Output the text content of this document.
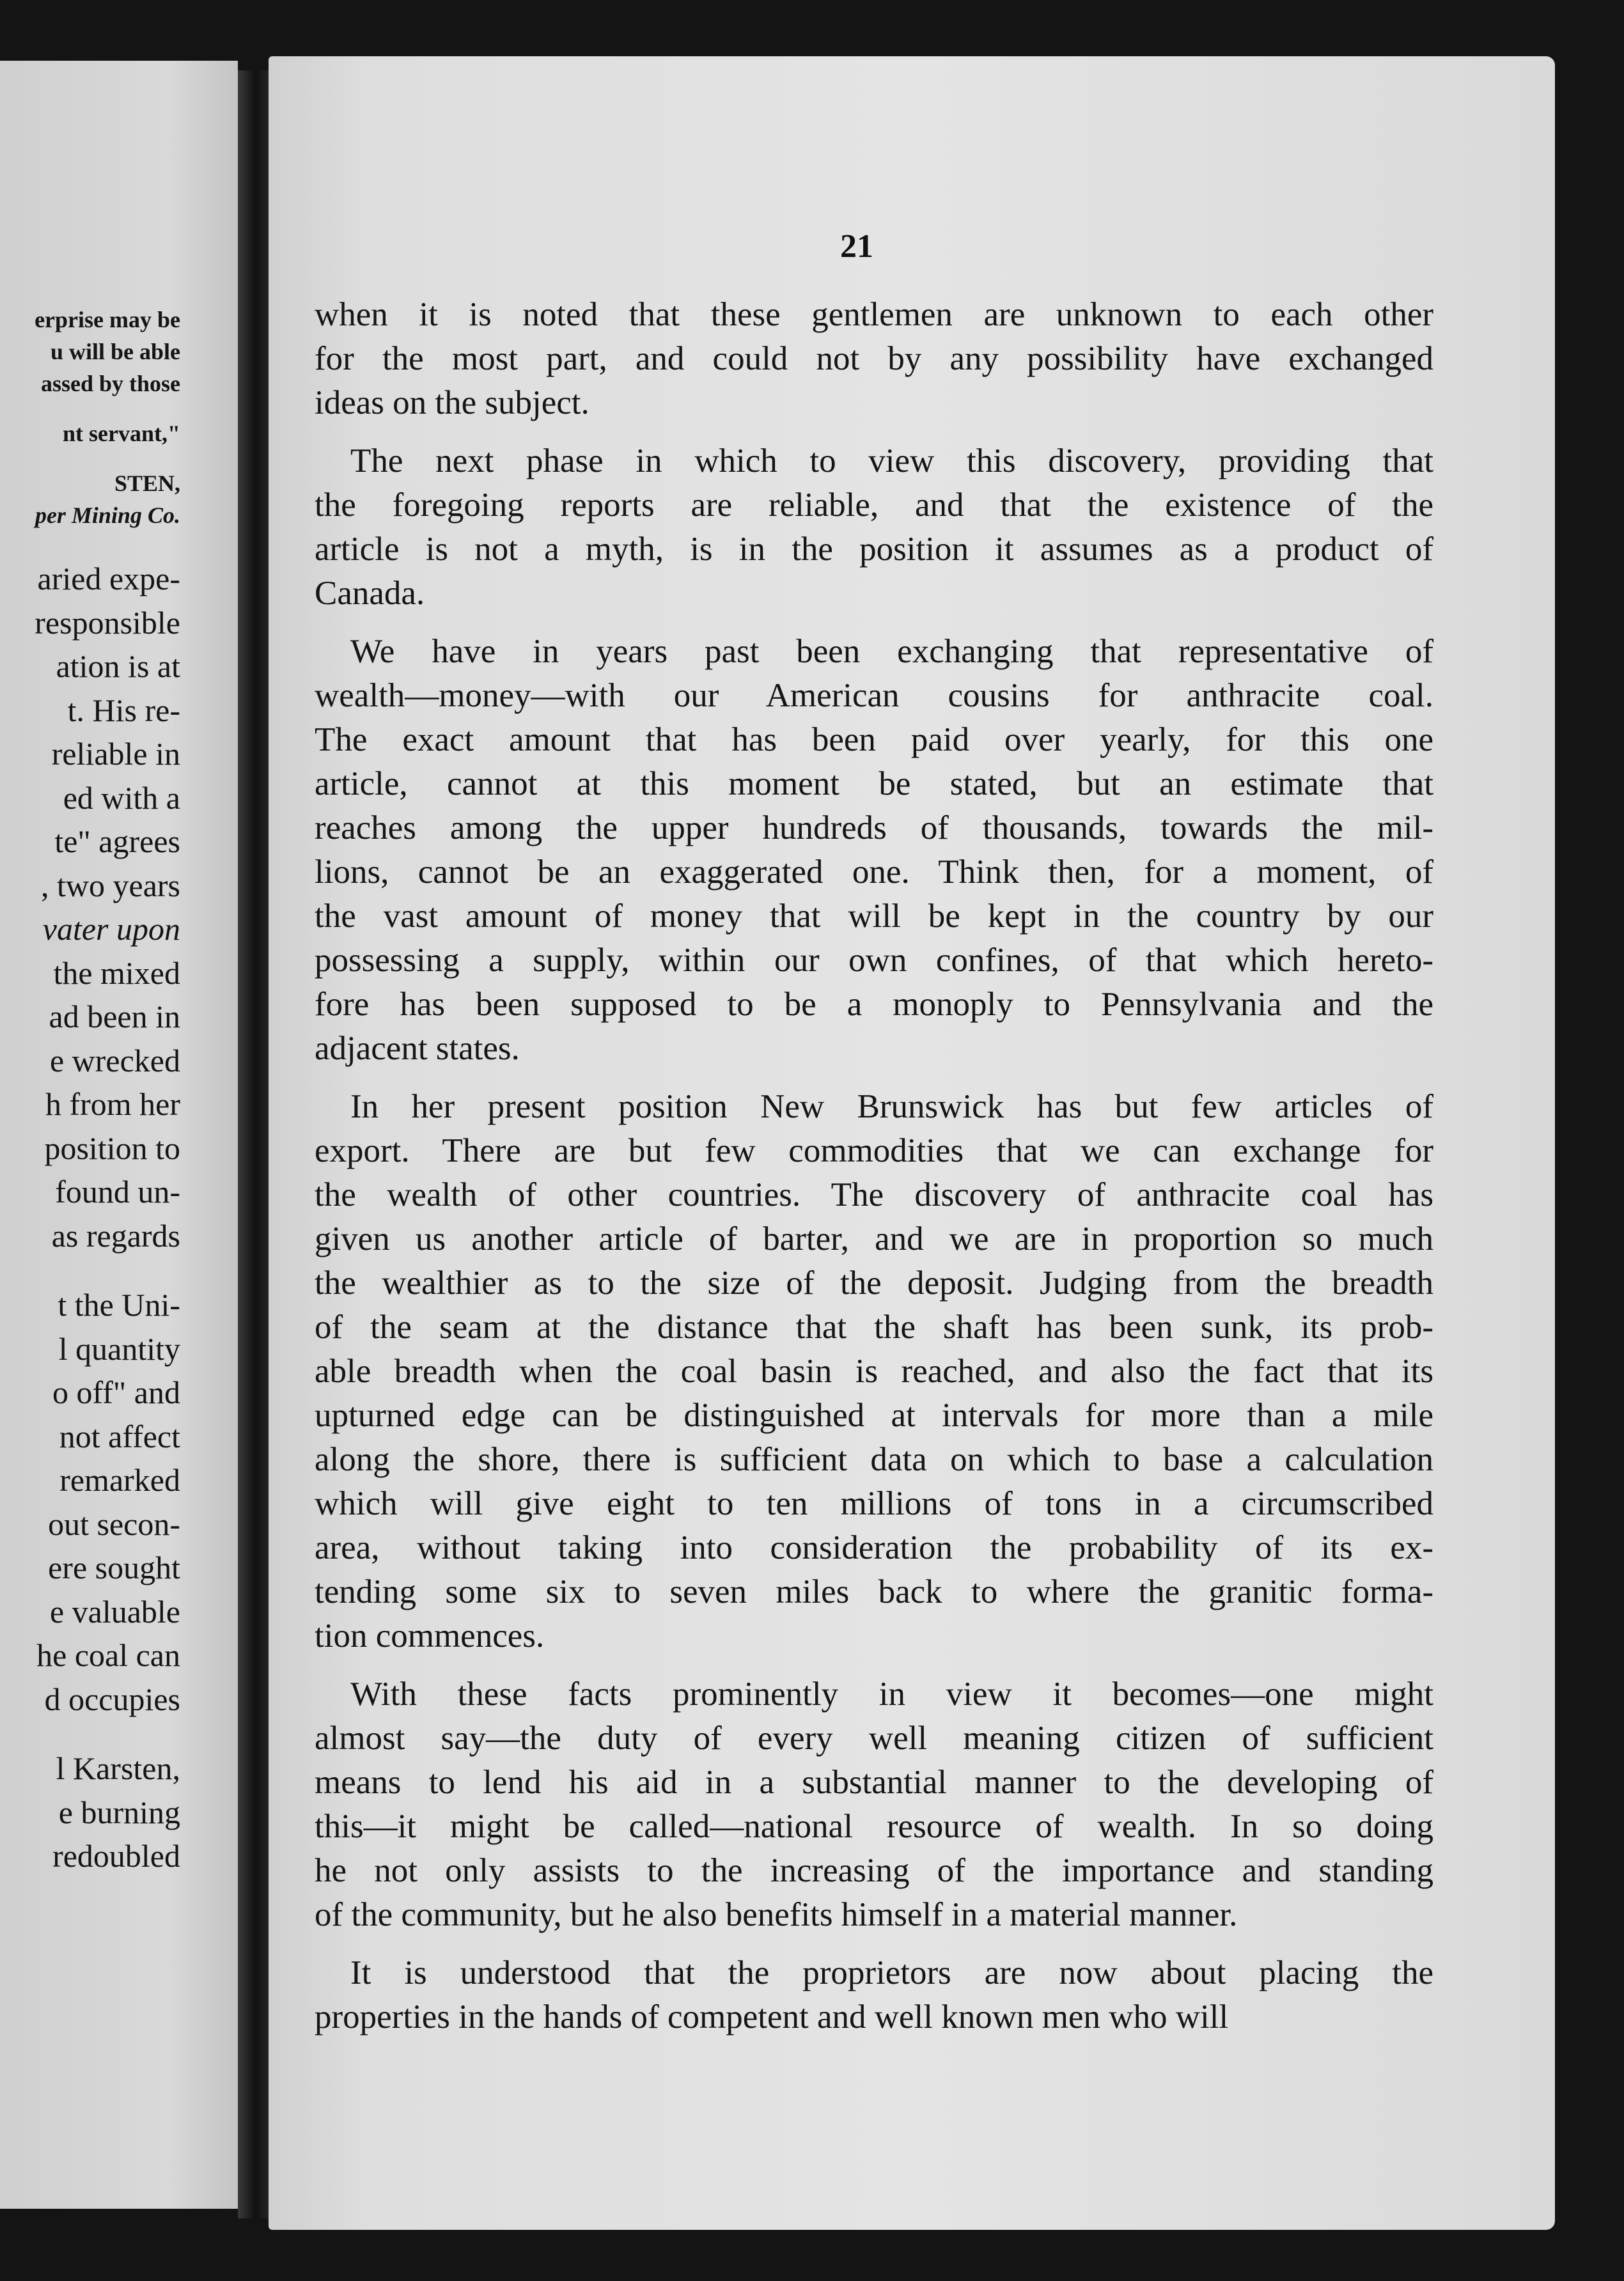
erprise may be
u will be able
assed by those
nt servant,"
STEN,
per Mining Co.
aried expe-
responsible
ation is at
t. His re-
reliable in
ed with a
te" agrees
, two years
vater upon
the mixed
ad been in
e wrecked
h from her
position to
found un-
as regards
t the Uni-
l quantity
o off" and
not affect
remarked
out secon-
ere sought
e valuable
he coal can
d occupies
l Karsten,
e burning
redoubled
21
when it is noted that these gentlemen are unknown to each other
for the most part, and could not by any possibility have exchanged
ideas on the subject.
The next phase in which to view this discovery, providing that
the foregoing reports are reliable, and that the existence of the
article is not a myth, is in the position it assumes as a product of
Canada.
We have in years past been exchanging that representative of
wealth—money—with our American cousins for anthracite coal.
The exact amount that has been paid over yearly, for this one
article, cannot at this moment be stated, but an estimate that
reaches among the upper hundreds of thousands, towards the mil-
lions, cannot be an exaggerated one. Think then, for a moment, of
the vast amount of money that will be kept in the country by our
possessing a supply, within our own confines, of that which hereto-
fore has been supposed to be a monoply to Pennsylvania and the
adjacent states.
In her present position New Brunswick has but few articles of
export. There are but few commodities that we can exchange for
the wealth of other countries. The discovery of anthracite coal has
given us another article of barter, and we are in proportion so much
the wealthier as to the size of the deposit. Judging from the breadth
of the seam at the distance that the shaft has been sunk, its prob-
able breadth when the coal basin is reached, and also the fact that its
upturned edge can be distinguished at intervals for more than a mile
along the shore, there is sufficient data on which to base a calculation
which will give eight to ten millions of tons in a circumscribed
area, without taking into consideration the probability of its ex-
tending some six to seven miles back to where the granitic forma-
tion commences.
With these facts prominently in view it becomes—one might
almost say—the duty of every well meaning citizen of sufficient
means to lend his aid in a substantial manner to the developing of
this—it might be called—national resource of wealth. In so doing
he not only assists to the increasing of the importance and standing
of the community, but he also benefits himself in a material manner.
It is understood that the proprietors are now about placing the
properties in the hands of competent and well known men who will
